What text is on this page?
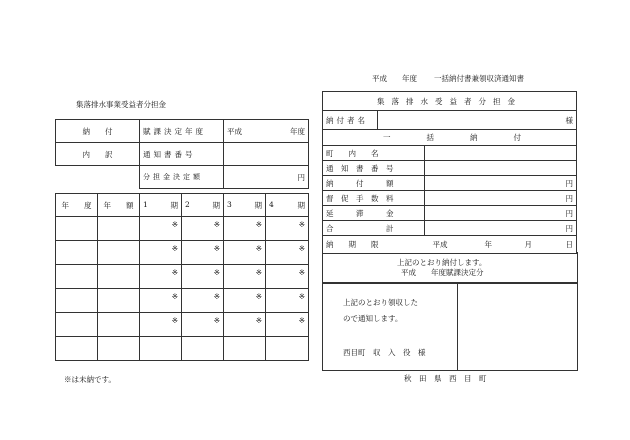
集落排水事業受益者分担金
納　　付	賦課決定年度	平成 年度

内　　訳	通知書番号	
	分担金決定額	円
年　　度	年　　額	1 期	2 期	3 期	4 期

		※	※	※	※
		※	※	※	※
		※	※	※	※
		※	※	※	※
		※	※	※	※

※は未納です。
平成 年度 一括納付書兼領収済通知書
集落排水受益者分担金		
納付者名	様	

一 括 納 付		

町　　内　　名		
通　知　書　番　号		
納　　　付　　　額		円
督　促　手　数　料		円
延　　　滞　　　金		円
合　　　　　　　計		円
納　　期　　限 平成 年 月 日		
上記のとおり納付します。
平成　　年度賦課決定分
上記のとおり領収した
ので通知します。
西目町　収　入　役　様
秋　田　県　西　目　町
